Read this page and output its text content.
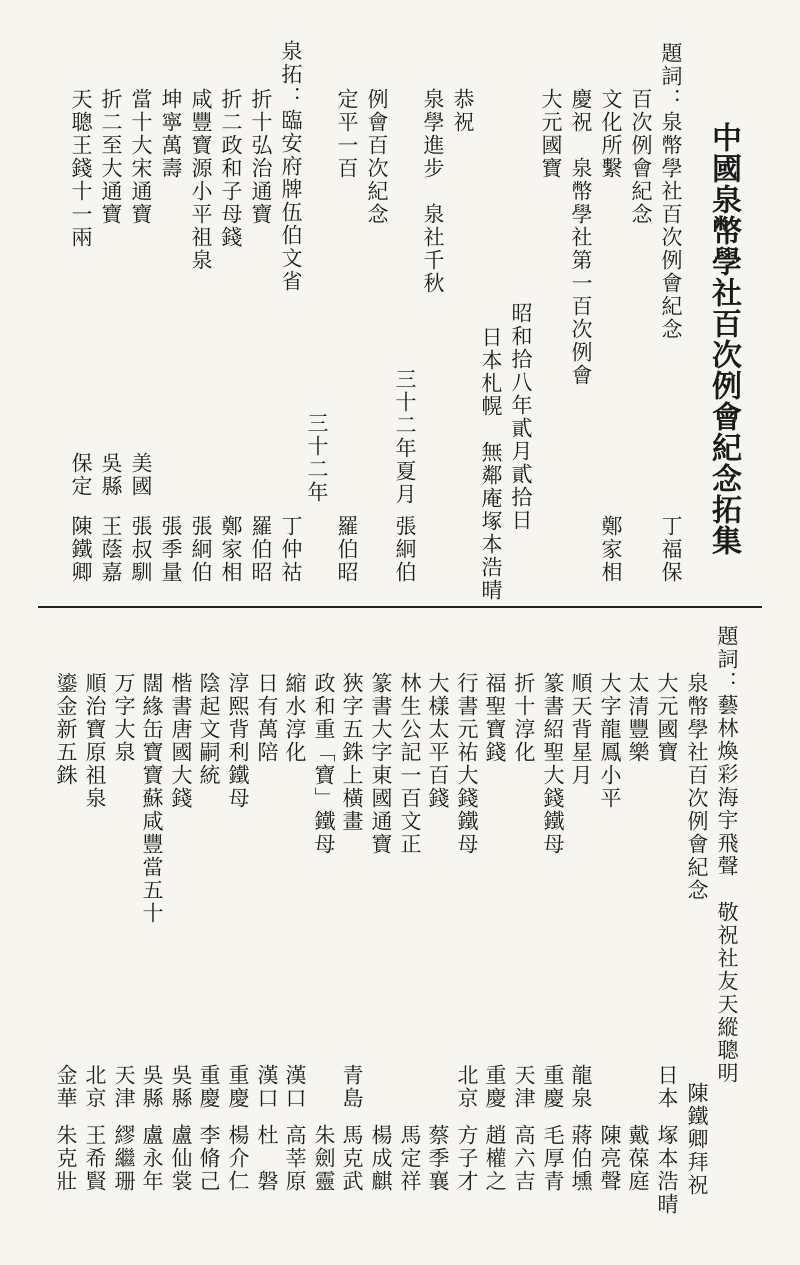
中國泉幣學社百次例會紀念拓集
題詞：泉幣學社百次例會紀念
丁福保
百次例會紀念
文化所繫
鄭家相
慶祝　泉幣學社第一百次例會
大元國寶
昭和拾八年貳月貳拾日
日本札幌　無鄰庵塚本浩晴
恭祝
泉學進步　泉社千秋
三十二年夏月
張絅伯
例會百次紀念
定平一百
羅伯昭
三十二年
泉拓：臨安府牌伍伯文省
丁仲祜
折十弘治通寶
羅伯昭
折二政和子母錢
鄭家相
咸豐寶源小平祖泉
張絅伯
坤寧萬壽
張季量
當十大宋通寶
美國
張叔馴
折二至大通寶
吳縣
王蔭嘉
天聰王錢十一兩
保定
陳鐵卿
題詞：藝林煥彩海宇飛聲　敬祝社友天縱聰明
陳鐵卿拜祝
泉幣學社百次例會紀念
大元國寶
日本
塚本浩晴
太清豐樂
戴葆庭
大字龍鳳小平
陳亮聲
順天背星月
龍泉
蔣伯壎
篆書紹聖大錢鐵母
重慶
毛厚青
折十淳化
天津
高六吉
福聖寶錢
重慶
趙權之
行書元祐大錢鐵母
北京
方子才
大樣太平百錢
蔡季襄
林生公記一百文正
馬定祥
篆書大字東國通寶
楊成麒
狹字五銖上橫畫
青島
馬克武
政和重「寶」鐵母
朱劍靈
縮水淳化
漢口
高莘原
日有萬陪
漢口
杜　磐
淳熙背利鐵母
重慶
楊介仁
陰起文嗣統
重慶
李脩己
楷書唐國大錢
吳縣
盧仙裳
闊緣缶寶寶蘇咸豐當五十
吳縣
盧永年
万字大泉
天津
繆繼珊
順治寶原祖泉
北京
王希賢
鎏金新五銖
金華
朱克壯
